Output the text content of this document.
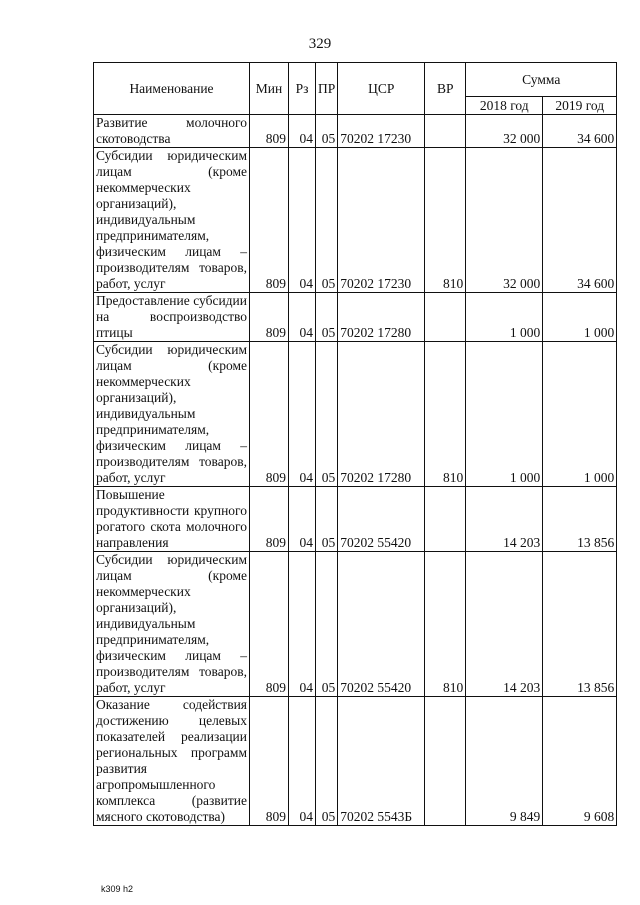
329
Наименование	Мин	Рз	ПР	ЦСР	ВР	Сумма	
						2018 год	2019 год
Развитие молочного скотоводства	809	04	05	70202 17230		32 000	34 600
Субсидии юридическим лицам (кроме некоммерческих организаций), индивидуальным предпринимателям, физическим лицам – производителям товаров, работ, услуг	809	04	05	70202 17230	810	32 000	34 600
Предоставление субсидии на воспроизводство птицы	809	04	05	70202 17280		1 000	1 000
Субсидии юридическим лицам (кроме некоммерческих организаций), индивидуальным предпринимателям, физическим лицам – производителям товаров, работ, услуг	809	04	05	70202 17280	810	1 000	1 000
Повышение продуктивности крупного рогатого скота молочного направления	809	04	05	70202 55420		14 203	13 856
Субсидии юридическим лицам (кроме некоммерческих организаций), индивидуальным предпринимателям, физическим лицам – производителям товаров, работ, услуг	809	04	05	70202 55420	810	14 203	13 856
Оказание содействия достижению целевых показателей реализации региональных программ развития агропромышленного комплекса (развитие мясного скотоводства)	809	04	05	70202 5543Б		9 849	9 608
k309 h2
